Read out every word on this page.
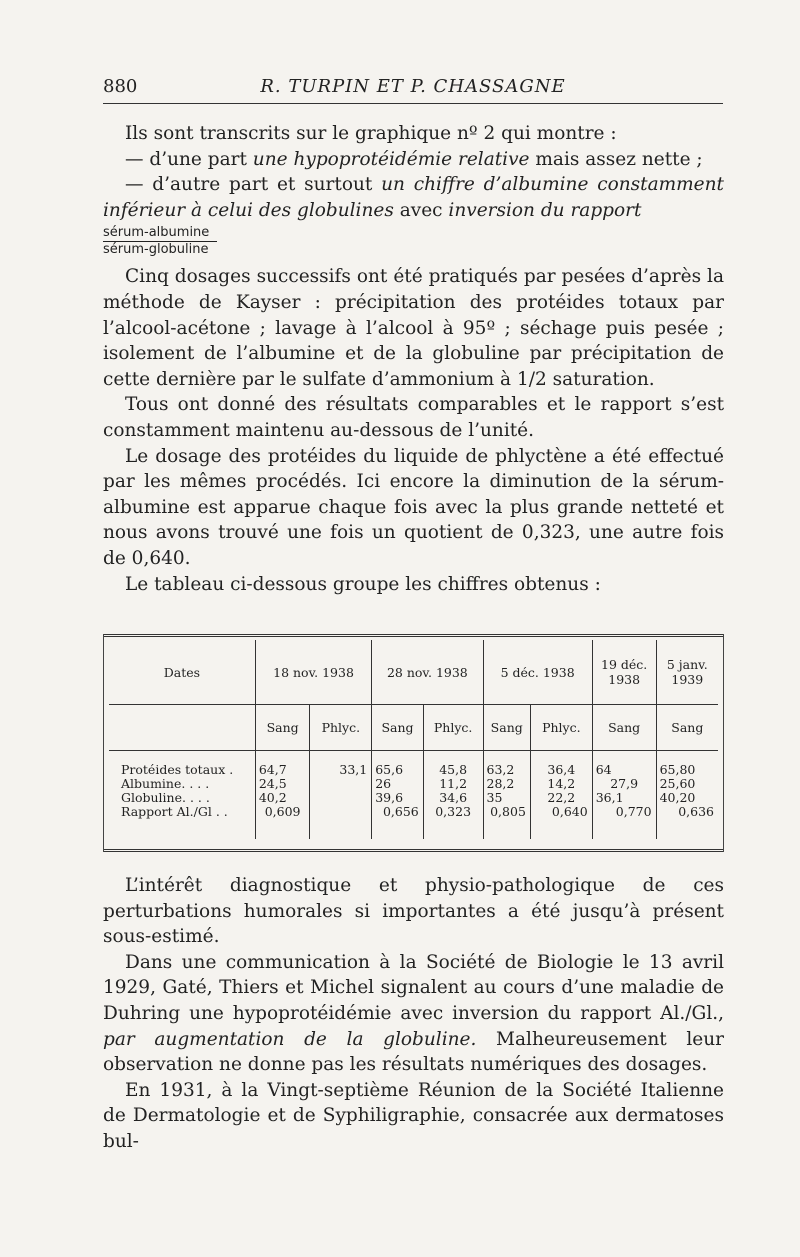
880	R. TURPIN ET P. CHASSAGNE

Ils sont transcrits sur le graphique nº 2 qui montre :

— d’une part une hypoprotéidémie relative mais assez nette ;

— d’autre part et surtout un chiffre d’albumine constamment inférieur à celui des globulines avec inversion du rapport

sérum-albumine
sérum-globuline

Cinq dosages successifs ont été pratiqués par pesées d’après la méthode de Kayser : précipitation des protéides totaux par l’alcool-acétone ; lavage à l’alcool à 95º ; séchage puis pesée ; isolement de l’albumine et de la globuline par précipitation de cette dernière par le sulfate d’ammonium à 1/2 saturation.

Tous ont donné des résultats comparables et le rapport s’est constamment maintenu au-dessous de l’unité.

Le dosage des protéides du liquide de phlyctène a été effectué par les mêmes procédés. Ici encore la diminution de la sérum-albumine est apparue chaque fois avec la plus grande netteté et nous avons trouvé une fois un quotient de 0,323, une autre fois de 0,640.

Le tableau ci-dessous groupe les chiffres obtenus :

Dates	18 nov. 1938		28 nov. 1938		5 déc. 1938		19 déc. 1938	5 janv. 1939
	Sang	Phlyc.	Sang	Phlyc.	Sang	Phlyc.	Sang	Sang
Protéides totaux .	64,7	33,1	65,6	45,8	63,2	36,4	64	65,80
Albumine. . . .	24,5		26	11,2	28,2	14,2	27,9	25,60
Globuline. . . .	40,2		39,6	34,6	35	22,2	36,1	40,20
Rapport Al./Gl . .	0,609		0,656	0,323	0,805	0,640	0,770	0,636

L’intérêt diagnostique et physio-pathologique de ces perturbations humorales si importantes a été jusqu’à présent sous-estimé.

Dans une communication à la Société de Biologie le 13 avril 1929, Gaté, Thiers et Michel signalent au cours d’une maladie de Duhring une hypoprotéidémie avec inversion du rapport Al./Gl., par augmentation de la globuline. Malheureusement leur observation ne donne pas les résultats numériques des dosages.

En 1931, à la Vingt-septième Réunion de la Société Italienne de Dermatologie et de Syphiligraphie, consacrée aux dermatoses bul-
